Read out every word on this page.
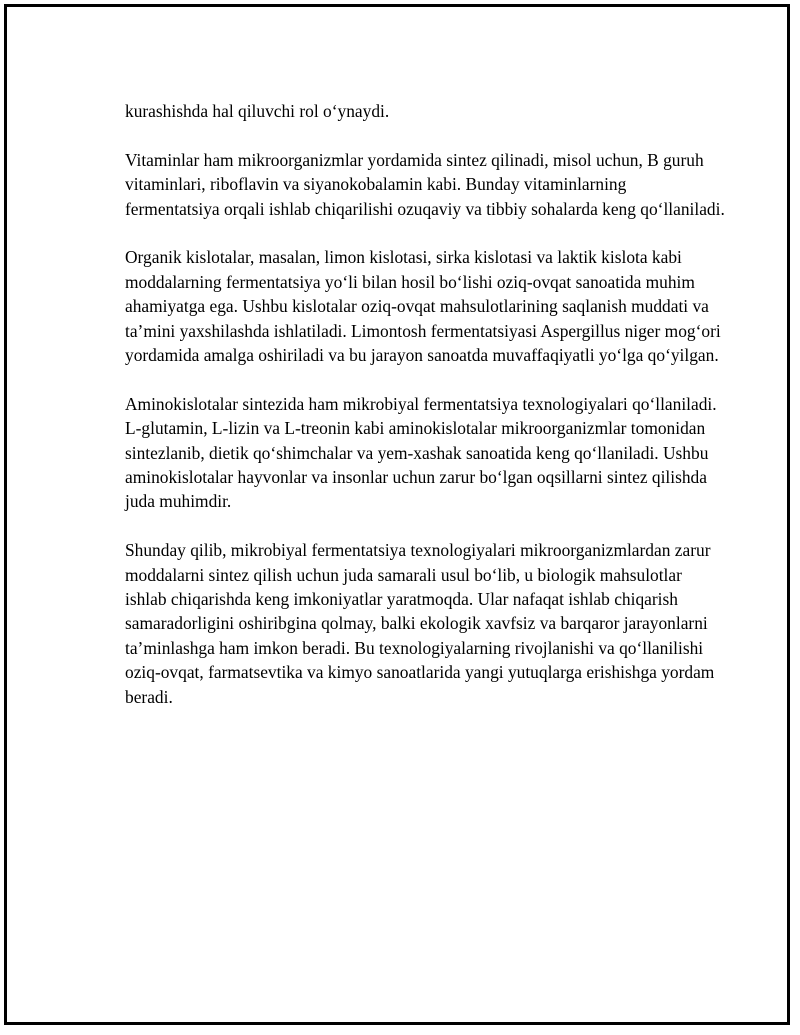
kurashishda hal qiluvchi rol o‘ynaydi.

Vitaminlar ham mikroorganizmlar yordamida sintez qilinadi, misol uchun, B guruh vitaminlari, riboflavin va siyanokobalamin kabi. Bunday vitaminlarning fermentatsiya orqali ishlab chiqarilishi ozuqaviy va tibbiy sohalarda keng qo‘llaniladi.

Organik kislotalar, masalan, limon kislotasi, sirka kislotasi va laktik kislota kabi moddalarning fermentatsiya yo‘li bilan hosil bo‘lishi oziq-ovqat sanoatida muhim ahamiyatga ega. Ushbu kislotalar oziq-ovqat mahsulotlarining saqlanish muddati va ta’mini yaxshilashda ishlatiladi. Limontosh fermentatsiyasi Aspergillus niger mog‘ori yordamida amalga oshiriladi va bu jarayon sanoatda muvaffaqiyatli yo‘lga qo‘yilgan.

Aminokislotalar sintezida ham mikrobiyal fermentatsiya texnologiyalari qo‘llaniladi. L-glutamin, L-lizin va L-treonin kabi aminokislotalar mikroorganizmlar tomonidan sintezlanib, dietik qo‘shimchalar va yem-xashak sanoatida keng qo‘llaniladi. Ushbu aminokislotalar hayvonlar va insonlar uchun zarur bo‘lgan oqsillarni sintez qilishda juda muhimdir.

Shunday qilib, mikrobiyal fermentatsiya texnologiyalari mikroorganizmlardan zarur moddalarni sintez qilish uchun juda samarali usul bo‘lib, u biologik mahsulotlar ishlab chiqarishda keng imkoniyatlar yaratmoqda. Ular nafaqat ishlab chiqarish samaradorligini oshiribgina qolmay, balki ekologik xavfsiz va barqaror jarayonlarni ta’minlashga ham imkon beradi. Bu texnologiyalarning rivojlanishi va qo‘llanilishi oziq-ovqat, farmatsevtika va kimyo sanoatlarida yangi yutuqlarga erishishga yordam beradi.
